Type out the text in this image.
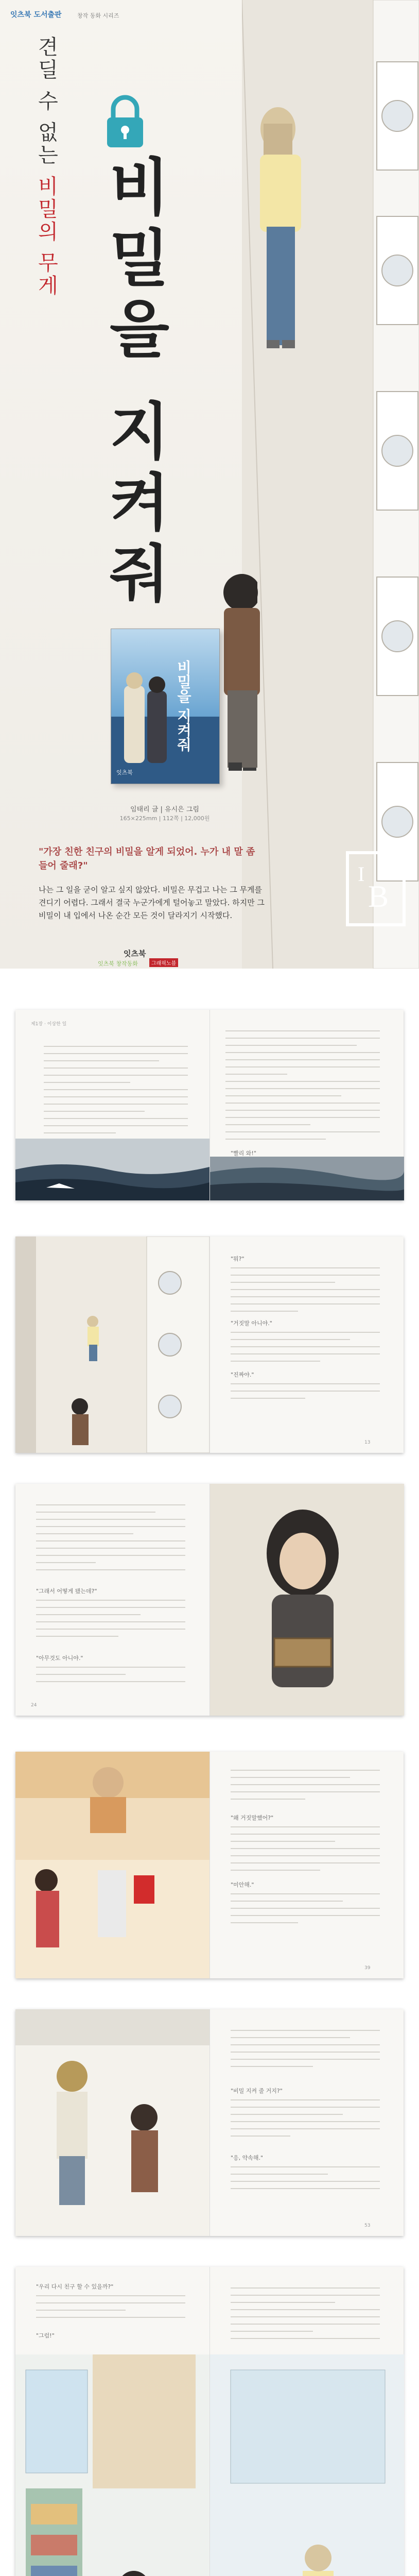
잇츠북 도서출판	창작 동화 시리즈
견딜 수 없는 비밀의 무게 비밀을 지켜줘
비밀을 지켜줘
잇츠북
임태리 글 | 유시은 그림
165×225mm | 112쪽 | 12,000원
"가장 친한 친구의 비밀을 알게 되었어. 누가 내 말 좀 들어 줄래?"
나는 그 일을 굳이 알고 싶지 않았다. 비밀은 무겁고 나는 그 무게를 견디기 어렵다. 그래서 결국 누군가에게 털어놓고 말았다. 하지만 그 비밀이 내 입에서 나온 순간 모든 것이 달라지기 시작했다.
잇츠북
잇츠북 창작동화	그래픽노블
I
B
제1장 · 이상한 일
"빨리 와!"
"뭐?"
"거짓말 아니야."
"진짜야."
13
"그래서 어떻게 됐는데?"
"아무것도 아니야."
24
"왜 거짓말했어?"
"미안해."
39
"비밀 지켜 줄 거지?"
"응, 약속해."
53
"우리 다시 친구 할 수 있을까?"
"그럼!"
